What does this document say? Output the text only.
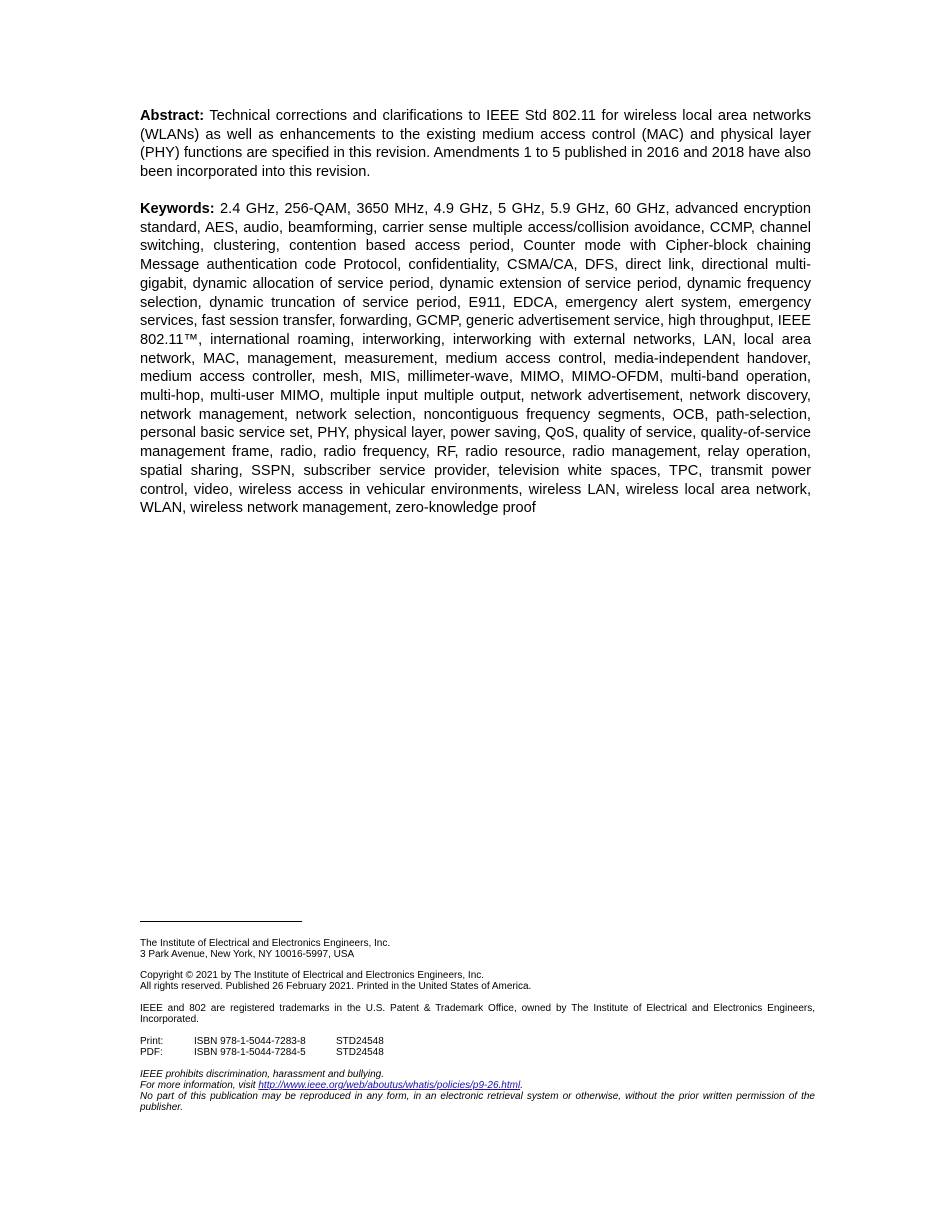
Abstract: Technical corrections and clarifications to IEEE Std 802.11 for wireless local area networks (WLANs) as well as enhancements to the existing medium access control (MAC) and physical layer (PHY) functions are specified in this revision. Amendments 1 to 5 published in 2016 and 2018 have also been incorporated into this revision.

Keywords: 2.4 GHz, 256-QAM, 3650 MHz, 4.9 GHz, 5 GHz, 5.9 GHz, 60 GHz, advanced encryption standard, AES, audio, beamforming, carrier sense multiple access/collision avoidance, CCMP, channel switching, clustering, contention based access period, Counter mode with Cipher-block chaining Message authentication code Protocol, confidentiality, CSMA/CA, DFS, direct link, directional multi-gigabit, dynamic allocation of service period, dynamic extension of service period, dynamic frequency selection, dynamic truncation of service period, E911, EDCA, emergency alert system, emergency services, fast session transfer, forwarding, GCMP, generic advertisement service, high throughput, IEEE 802.11™, international roaming, interworking, interworking with external networks, LAN, local area network, MAC, management, measurement, medium access control, media-independent handover, medium access controller, mesh, MIS, millimeter-wave, MIMO, MIMO-OFDM, multi-band operation, multi-hop, multi-user MIMO, multiple input multiple output, network advertisement, network discovery, network management, network selection, noncontiguous frequency segments, OCB, path-selection, personal basic service set, PHY, physical layer, power saving, QoS, quality of service, quality-of-service management frame, radio, radio frequency, RF, radio resource, radio management, relay operation, spatial sharing, SSPN, subscriber service provider, television white spaces, TPC, transmit power control, video, wireless access in vehicular environments, wireless LAN, wireless local area network, WLAN, wireless network management, zero-knowledge proof

The Institute of Electrical and Electronics Engineers, Inc.
3 Park Avenue, New York, NY 10016-5997, USA
Copyright © 2021 by The Institute of Electrical and Electronics Engineers, Inc.
All rights reserved. Published 26 February 2021. Printed in the United States of America.
IEEE and 802 are registered trademarks in the U.S. Patent & Trademark Office, owned by The Institute of Electrical and Electronics Engineers, Incorporated.
Print:	ISBN 978-1-5044-7283-8	STD24548
PDF:	ISBN 978-1-5044-7284-5	STD24548
IEEE prohibits discrimination, harassment and bullying.
For more information, visit http://www.ieee.org/web/aboutus/whatis/policies/p9-26.html.
No part of this publication may be reproduced in any form, in an electronic retrieval system or otherwise, without the prior written permission of the publisher.
